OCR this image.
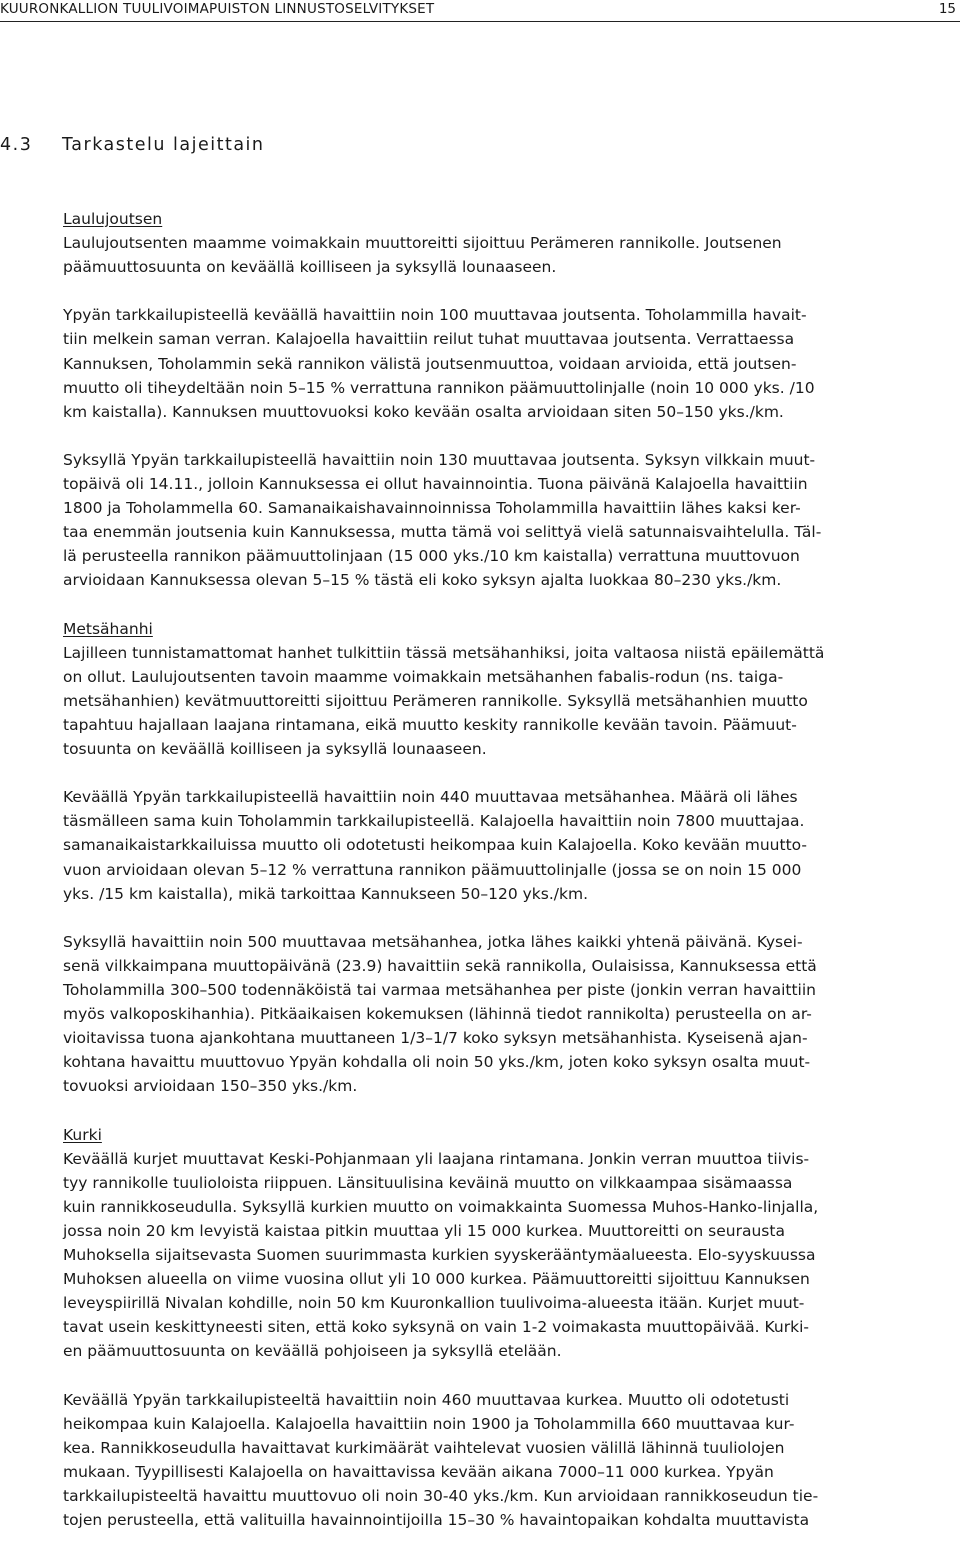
KUURONKALLION TUULIVOIMAPUISTON LINNUSTOSELVITYKSET	15
4.3 Tarkastelu lajeittain
Laulujoutsen
Laulujoutsenten maamme voimakkain muuttoreitti sijoittuu Perämeren rannikolle. Joutsenen
päämuuttosuunta on keväällä koilliseen ja syksyllä lounaaseen.
Ypyän tarkkailupisteellä keväällä havaittiin noin 100 muuttavaa joutsenta. Toholammilla havait-
tiin melkein saman verran. Kalajoella havaittiin reilut tuhat muuttavaa joutsenta. Verrattaessa
Kannuksen, Toholammin sekä rannikon välistä joutsenmuuttoa, voidaan arvioida, että joutsen-
muutto oli tiheydeltään noin 5–15 % verrattuna rannikon päämuuttolinjalle (noin 10 000 yks. /10
km kaistalla). Kannuksen muuttovuoksi koko kevään osalta arvioidaan siten 50–150 yks./km.
Syksyllä Ypyän tarkkailupisteellä havaittiin noin 130 muuttavaa joutsenta. Syksyn vilkkain muut-
topäivä oli 14.11., jolloin Kannuksessa ei ollut havainnointia. Tuona päivänä Kalajoella havaittiin
1800 ja Toholammella 60. Samanaikaishavainnoinnissa Toholammilla havaittiin lähes kaksi ker-
taa enemmän joutsenia kuin Kannuksessa, mutta tämä voi selittyä vielä satunnaisvaihtelulla. Täl-
lä perusteella rannikon päämuuttolinjaan (15 000 yks./10 km kaistalla) verrattuna muuttovuon
arvioidaan Kannuksessa olevan 5–15 % tästä eli koko syksyn ajalta luokkaa 80–230 yks./km.
Metsähanhi
Lajilleen tunnistamattomat hanhet tulkittiin tässä metsähanhiksi, joita valtaosa niistä epäilemättä
on ollut. Laulujoutsenten tavoin maamme voimakkain metsähanhen fabalis-rodun (ns. taiga-
metsähanhien) kevätmuuttoreitti sijoittuu Perämeren rannikolle. Syksyllä metsähanhien muutto
tapahtuu hajallaan laajana rintamana, eikä muutto keskity rannikolle kevään tavoin. Päämuut-
tosuunta on keväällä koilliseen ja syksyllä lounaaseen.
Keväällä Ypyän tarkkailupisteellä havaittiin noin 440 muuttavaa metsähanhea. Määrä oli lähes
täsmälleen sama kuin Toholammin tarkkailupisteellä. Kalajoella havaittiin noin 7800 muuttajaa.
samanaikaistarkkailuissa muutto oli odotetusti heikompaa kuin Kalajoella. Koko kevään muutto-
vuon arvioidaan olevan 5–12 % verrattuna rannikon päämuuttolinjalle (jossa se on noin 15 000
yks. /15 km kaistalla), mikä tarkoittaa Kannukseen 50–120 yks./km.
Syksyllä havaittiin noin 500 muuttavaa metsähanhea, jotka lähes kaikki yhtenä päivänä. Kysei-
senä vilkkaimpana muuttopäivänä (23.9) havaittiin sekä rannikolla, Oulaisissa, Kannuksessa että
Toholammilla 300–500 todennäköistä tai varmaa metsähanhea per piste (jonkin verran havaittiin
myös valkoposkihanhia). Pitkäaikaisen kokemuksen (lähinnä tiedot rannikolta) perusteella on ar-
vioitavissa tuona ajankohtana muuttaneen 1/3–1/7 koko syksyn metsähanhista. Kyseisenä ajan-
kohtana havaittu muuttovuo Ypyän kohdalla oli noin 50 yks./km, joten koko syksyn osalta muut-
tovuoksi arvioidaan 150–350 yks./km.
Kurki
Keväällä kurjet muuttavat Keski-Pohjanmaan yli laajana rintamana. Jonkin verran muuttoa tiivis-
tyy rannikolle tuulioloista riippuen. Länsituulisina keväinä muutto on vilkkaampaa sisämaassa
kuin rannikkoseudulla. Syksyllä kurkien muutto on voimakkainta Suomessa Muhos-Hanko-linjalla,
jossa noin 20 km levyistä kaistaa pitkin muuttaa yli 15 000 kurkea. Muuttoreitti on seurausta
Muhoksella sijaitsevasta Suomen suurimmasta kurkien syyskerääntymäalueesta. Elo-syyskuussa
Muhoksen alueella on viime vuosina ollut yli 10 000 kurkea. Päämuuttoreitti sijoittuu Kannuksen
leveyspiirillä Nivalan kohdille, noin 50 km Kuuronkallion tuulivoima-alueesta itään. Kurjet muut-
tavat usein keskittyneesti siten, että koko syksynä on vain 1-2 voimakasta muuttopäivää. Kurki-
en päämuuttosuunta on keväällä pohjoiseen ja syksyllä etelään.
Keväällä Ypyän tarkkailupisteeltä havaittiin noin 460 muuttavaa kurkea. Muutto oli odotetusti
heikompaa kuin Kalajoella. Kalajoella havaittiin noin 1900 ja Toholammilla 660 muuttavaa kur-
kea. Rannikkoseudulla havaittavat kurkimäärät vaihtelevat vuosien välillä lähinnä tuuliolojen
mukaan. Tyypillisesti Kalajoella on havaittavissa kevään aikana 7000–11 000 kurkea. Ypyän
tarkkailupisteeltä havaittu muuttovuo oli noin 30-40 yks./km. Kun arvioidaan rannikkoseudun tie-
tojen perusteella, että valituilla havainnointijoilla 15–30 % havaintopaikan kohdalta muuttavista
